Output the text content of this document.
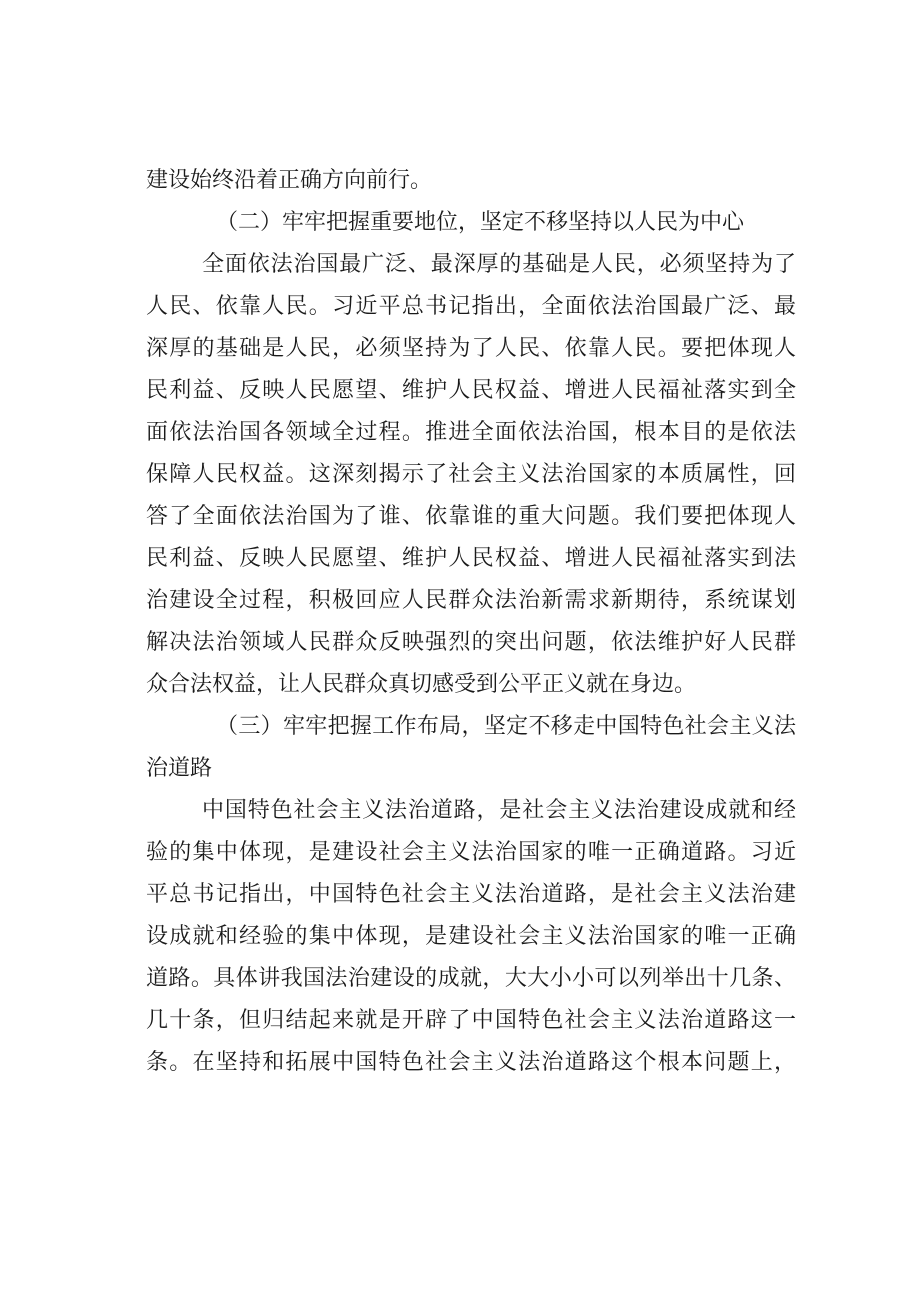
建设始终沿着正确方向前行。
（二）牢牢把握重要地位，坚定不移坚持以人民为中心
全面依法治国最广泛、最深厚的基础是人民，必须坚持为了
人民、依靠人民。习近平总书记指出，全面依法治国最广泛、最
深厚的基础是人民，必须坚持为了人民、依靠人民。要把体现人
民利益、反映人民愿望、维护人民权益、增进人民福祉落实到全
面依法治国各领域全过程。推进全面依法治国，根本目的是依法
保障人民权益。这深刻揭示了社会主义法治国家的本质属性，回
答了全面依法治国为了谁、依靠谁的重大问题。我们要把体现人
民利益、反映人民愿望、维护人民权益、增进人民福祉落实到法
治建设全过程，积极回应人民群众法治新需求新期待，系统谋划
解决法治领域人民群众反映强烈的突出问题，依法维护好人民群
众合法权益，让人民群众真切感受到公平正义就在身边。
（三）牢牢把握工作布局，坚定不移走中国特色社会主义法
治道路
中国特色社会主义法治道路，是社会主义法治建设成就和经
验的集中体现，是建设社会主义法治国家的唯一正确道路。习近
平总书记指出，中国特色社会主义法治道路，是社会主义法治建
设成就和经验的集中体现，是建设社会主义法治国家的唯一正确
道路。具体讲我国法治建设的成就，大大小小可以列举出十几条、
几十条，但归结起来就是开辟了中国特色社会主义法治道路这一
条。在坚持和拓展中国特色社会主义法治道路这个根本问题上，
